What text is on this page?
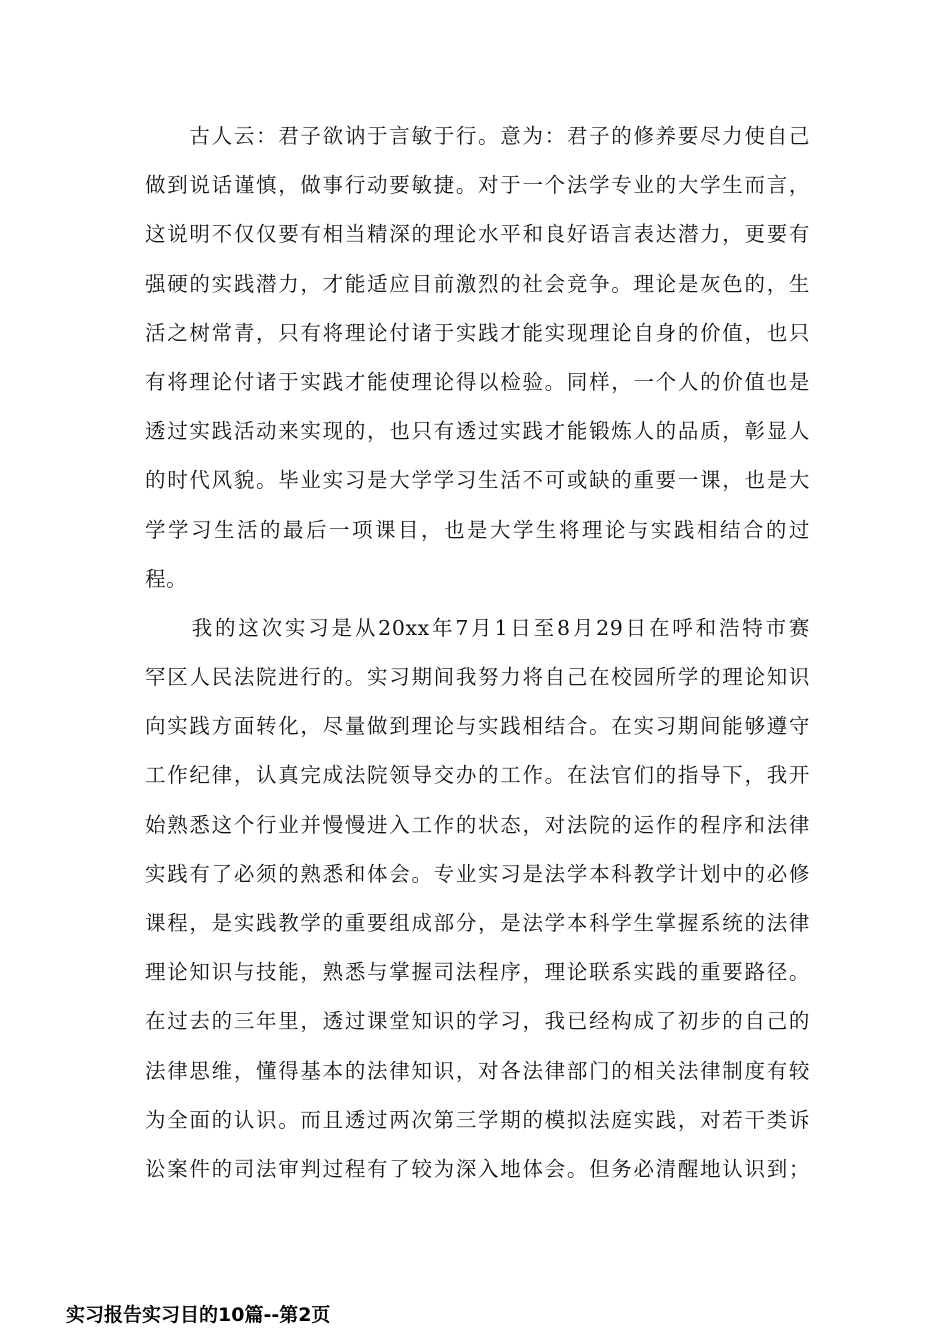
　　古人云：君子欲讷于言敏于行。意为：君子的修养要尽力使自己
做到说话谨慎，做事行动要敏捷。对于一个法学专业的大学生而言，
这说明不仅仅要有相当精深的理论水平和良好语言表达潜力，更要有
强硬的实践潜力，才能适应目前激烈的社会竞争。理论是灰色的，生
活之树常青，只有将理论付诸于实践才能实现理论自身的价值，也只
有将理论付诸于实践才能使理论得以检验。同样，一个人的价值也是
透过实践活动来实现的，也只有透过实践才能锻炼人的品质，彰显人
的时代风貌。毕业实习是大学学习生活不可或缺的重要一课，也是大
学学习生活的最后一项课目，也是大学生将理论与实践相结合的过
程。
　　我的这次实习是从20xx年7月1日至8月29日在呼和浩特市赛
罕区人民法院进行的。实习期间我努力将自己在校园所学的理论知识
向实践方面转化，尽量做到理论与实践相结合。在实习期间能够遵守
工作纪律，认真完成法院领导交办的工作。在法官们的指导下，我开
始熟悉这个行业并慢慢进入工作的状态，对法院的运作的程序和法律
实践有了必须的熟悉和体会。专业实习是法学本科教学计划中的必修
课程，是实践教学的重要组成部分，是法学本科学生掌握系统的法律
理论知识与技能，熟悉与掌握司法程序，理论联系实践的重要路径。
在过去的三年里，透过课堂知识的学习，我已经构成了初步的自己的
法律思维，懂得基本的法律知识，对各法律部门的相关法律制度有较
为全面的认识。而且透过两次第三学期的模拟法庭实践，对若干类诉
讼案件的司法审判过程有了较为深入地体会。但务必清醒地认识到；
实习报告实习目的10篇--第2页
